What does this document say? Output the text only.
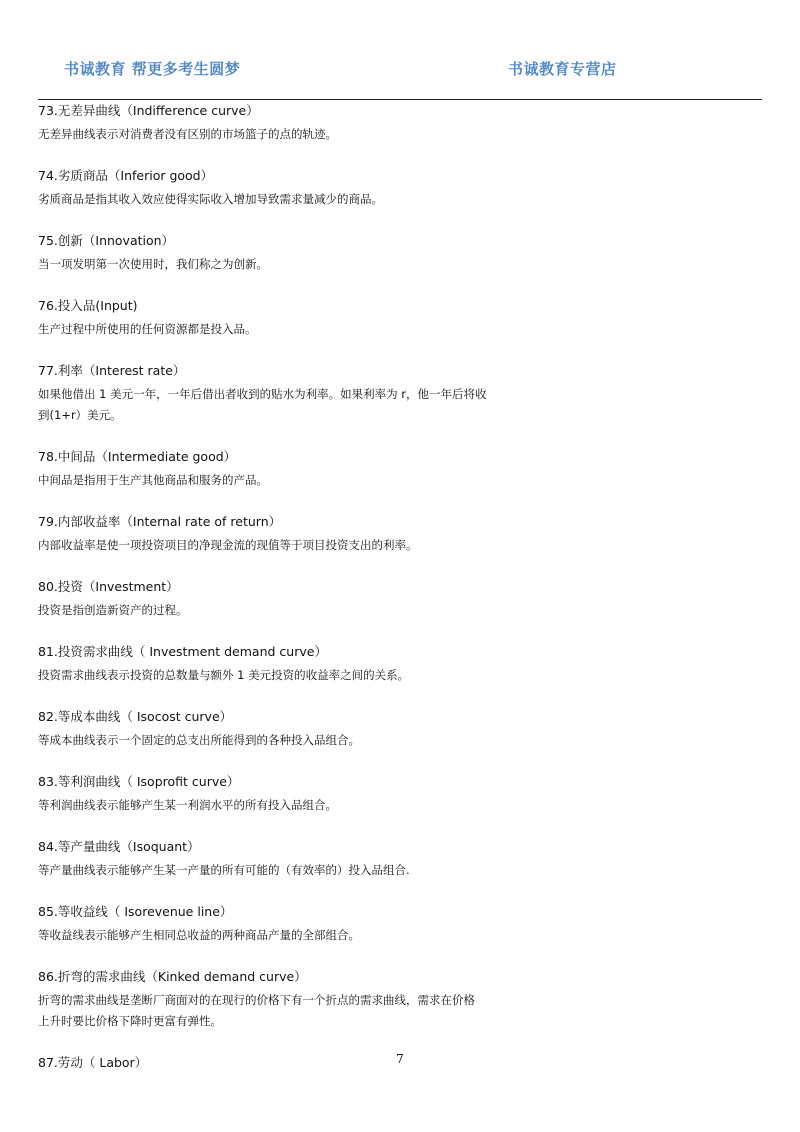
书诚教育 帮更多考生圆梦	书诚教育专营店

73.无差异曲线（Indifference curve）

无差异曲线表示对消费者没有区别的市场篮子的点的轨迹。

74.劣质商品（Inferior good）

劣质商品是指其收入效应使得实际收入增加导致需求量减少的商品。

75.创新（Innovation）

当一项发明第一次使用时，我们称之为创新。

76.投入品(Input)

生产过程中所使用的任何资源都是投入品。

77.利率（Interest rate）

如果他借出 1 美元一年，一年后借出者收到的贴水为利率。如果利率为 r，他一年后将收

到(1+r）美元。

78.中间品（Intermediate good）

中间品是指用于生产其他商品和服务的产品。

79.内部收益率（Internal rate of return）

内部收益率是使一项投资项目的净现金流的现值等于项目投资支出的利率。

80.投资（Investment）

投资是指创造新资产的过程。

81.投资需求曲线（ Investment demand curve）

投资需求曲线表示投资的总数量与额外 1 美元投资的收益率之间的关系。

82.等成本曲线（ Isocost curve）

等成本曲线表示一个固定的总支出所能得到的各种投入品组合。

83.等利润曲线（ Isoprofit curve）

等利润曲线表示能够产生某一利润水平的所有投入品组合。

84.等产量曲线（Isoquant）

等产量曲线表示能够产生某一产量的所有可能的（有效率的）投入品组合.

85.等收益线（ Isorevenue line）

等收益线表示能够产生相同总收益的两种商品产量的全部组合。

86.折弯的需求曲线（Kinked demand curve）

折弯的需求曲线是垄断厂商面对的在现行的价格下有一个折点的需求曲线，需求在价格

上升时要比价格下降时更富有弹性。

87.劳动（ Labor）	7
